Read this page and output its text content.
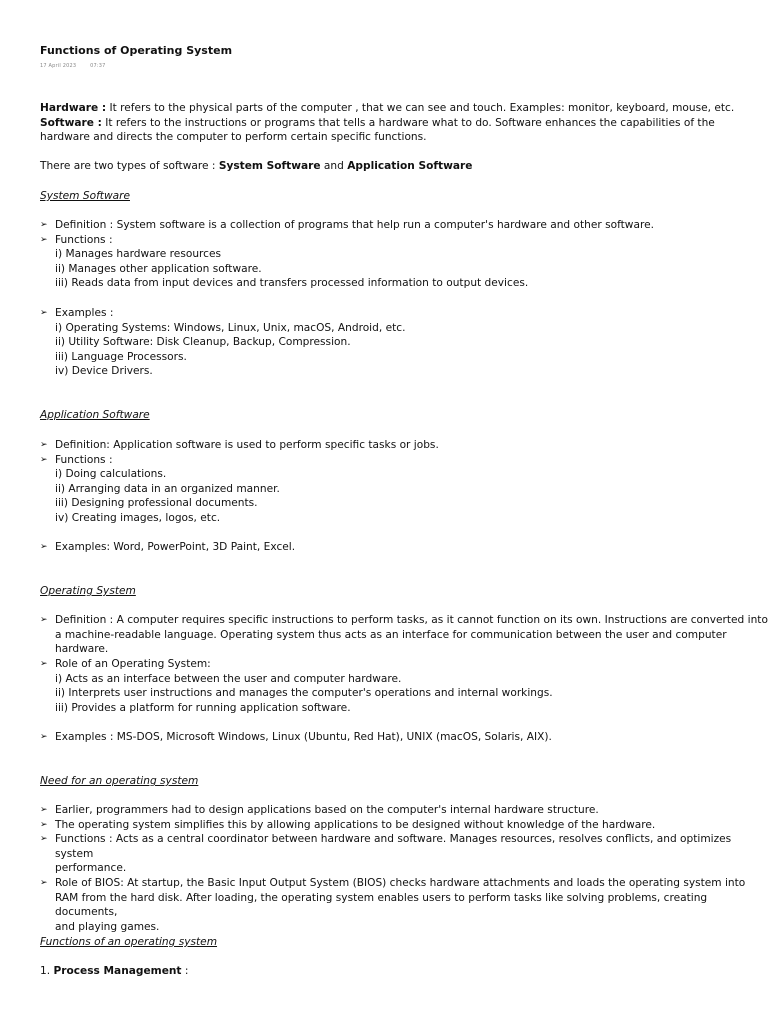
Functions of Operating System
17 April 2023	07:37
Hardware : It refers to the physical parts of the computer , that we can see and touch. Examples: monitor, keyboard, mouse, etc.
Software : It refers to the instructions or programs that tells a hardware what to do. Software enhances the capabilities of the
hardware and directs the computer to perform certain specific functions.
There are two types of software : System Software and Application Software
System Software
➢ Definition : System software is a collection of programs that help run a computer's hardware and other software.
➢ Functions :
i) Manages hardware resources
ii) Manages other application software.
iii) Reads data from input devices and transfers processed information to output devices.
➢ Examples :
i) Operating Systems: Windows, Linux, Unix, macOS, Android, etc.
ii) Utility Software: Disk Cleanup, Backup, Compression.
iii) Language Processors.
iv) Device Drivers.
Application Software
➢ Definition: Application software is used to perform specific tasks or jobs.
➢ Functions :
i) Doing calculations.
ii) Arranging data in an organized manner.
iii) Designing professional documents.
iv) Creating images, logos, etc.
➢ Examples: Word, PowerPoint, 3D Paint, Excel.
Operating System
➢ Definition : A computer requires specific instructions to perform tasks, as it cannot function on its own. Instructions are converted into
a machine-readable language. Operating system thus acts as an interface for communication between the user and computer hardware.
➢ Role of an Operating System:
i) Acts as an interface between the user and computer hardware.
ii) Interprets user instructions and manages the computer's operations and internal workings.
iii) Provides a platform for running application software.
➢ Examples : MS-DOS, Microsoft Windows, Linux (Ubuntu, Red Hat), UNIX (macOS, Solaris, AIX).
Need for an operating system
➢ Earlier, programmers had to design applications based on the computer's internal hardware structure.
➢ The operating system simplifies this by allowing applications to be designed without knowledge of the hardware.
➢ Functions : Acts as a central coordinator between hardware and software. Manages resources, resolves conflicts, and optimizes system
performance.
➢ Role of BIOS: At startup, the Basic Input Output System (BIOS) checks hardware attachments and loads the operating system into
RAM from the hard disk. After loading, the operating system enables users to perform tasks like solving problems, creating documents,
and playing games.
Functions of an operating system
1. Process Management :
